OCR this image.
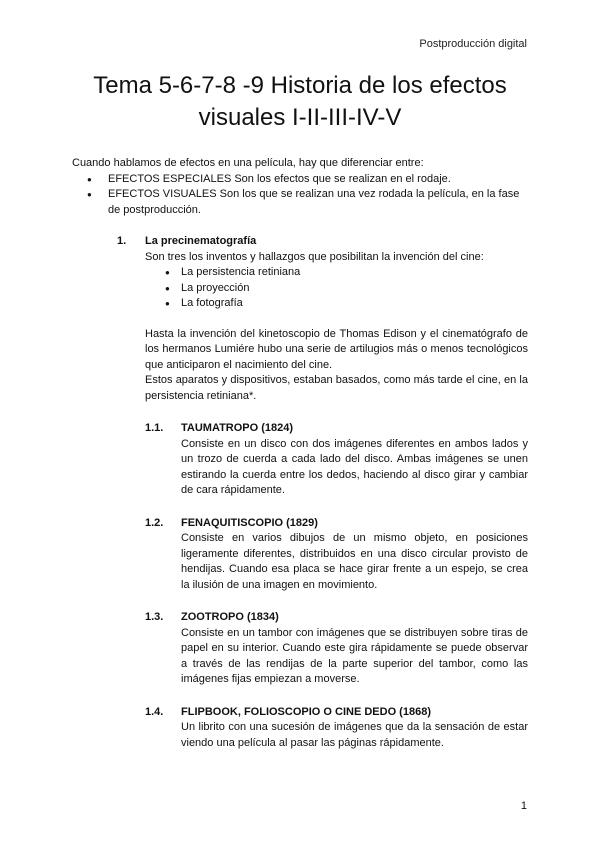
Postproducción digital
Tema 5-6-7-8 -9 Historia de los efectos
visuales I-II-III-IV-V

Cuando hablamos de efectos en una película, hay que diferenciar entre:

● EFECTOS ESPECIALES Son los efectos que se realizan en el rodaje.
● EFECTOS VISUALES Son los que se realizan una vez rodada la película, en la fase de postproducción.
1. La precinematografía
Son tres los inventos y hallazgos que posibilitan la invención del cine:
● La persistencia retiniana
● La proyección
● La fotografía
Hasta la invención del kinetoscopio de Thomas Edison y el cinematógrafo de los hermanos Lumiére hubo una serie de artilugios más o menos tecnológicos que anticiparon el nacimiento del cine.
Estos aparatos y dispositivos, estaban basados, como más tarde el cine, en la persistencia retiniana*.
1.1. TAUMATROPO (1824)
Consiste en un disco con dos imágenes diferentes en ambos lados y un trozo de cuerda a cada lado del disco. Ambas imágenes se unen estirando la cuerda entre los dedos, haciendo al disco girar y cambiar de cara rápidamente.
1.2. FENAQUITISCOPIO (1829)
Consiste en varios dibujos de un mismo objeto, en posiciones ligeramente diferentes, distribuidos en una disco circular provisto de hendijas. Cuando esa placa se hace girar frente a un espejo, se crea la ilusión de una imagen en movimiento.
1.3. ZOOTROPO (1834)
Consiste en un tambor con imágenes que se distribuyen sobre tiras de papel en su interior. Cuando este gira rápidamente se puede observar a través de las rendijas de la parte superior del tambor, como las imágenes fijas empiezan a moverse.
1.4. FLIPBOOK, FOLIOSCOPIO O CINE DEDO (1868)
Un librito con una sucesión de imágenes que da la sensación de estar viendo una película al pasar las páginas rápidamente.
1
